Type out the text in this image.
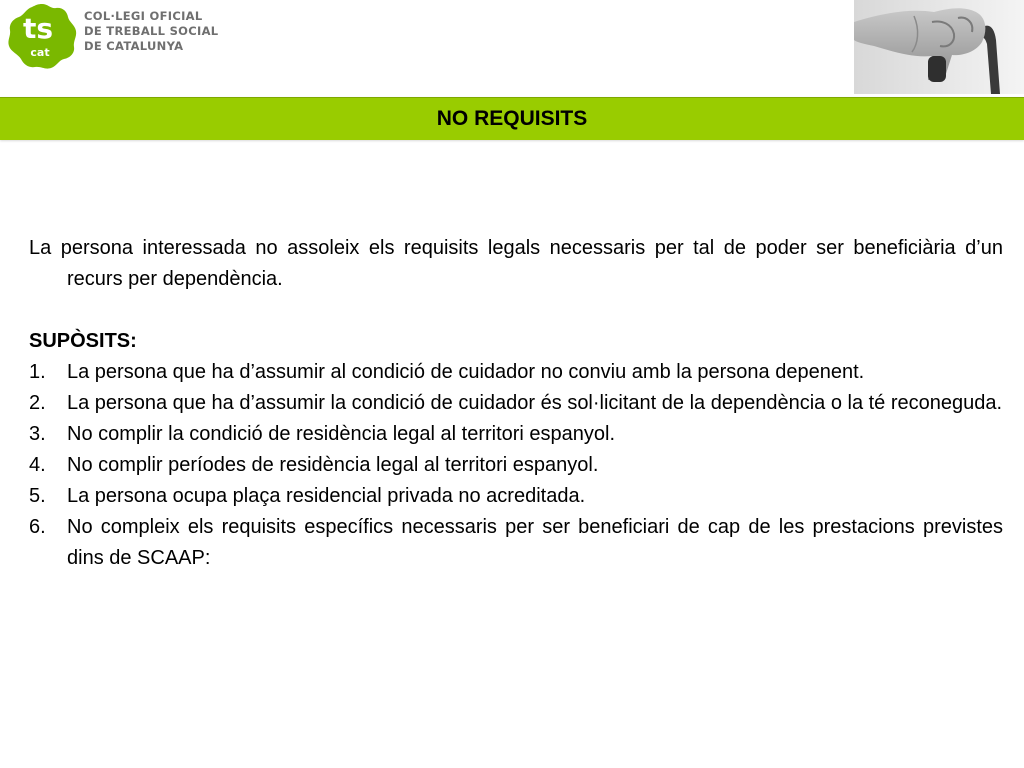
ts
cat
COL·LEGI OFICIAL
DE TREBALL SOCIAL
DE CATALUNYA
NO REQUISITS

La persona interessada no assoleix els requisits legals necessaris per tal de poder ser beneficiària d’un recurs per dependència.

SUPÒSITS:
1. La persona que ha d’assumir al condició de cuidador no conviu amb la persona depenent.
2. La persona que ha d’assumir la condició de cuidador és sol·licitant de la dependència o la té reconeguda.
3. No complir la condició de residència legal al territori espanyol.
4. No complir períodes de residència legal al territori espanyol.
5. La persona ocupa plaça residencial privada no acreditada.
6. No compleix els requisits específics necessaris per ser beneficiari de cap de les prestacions previstes dins de SCAAP:
